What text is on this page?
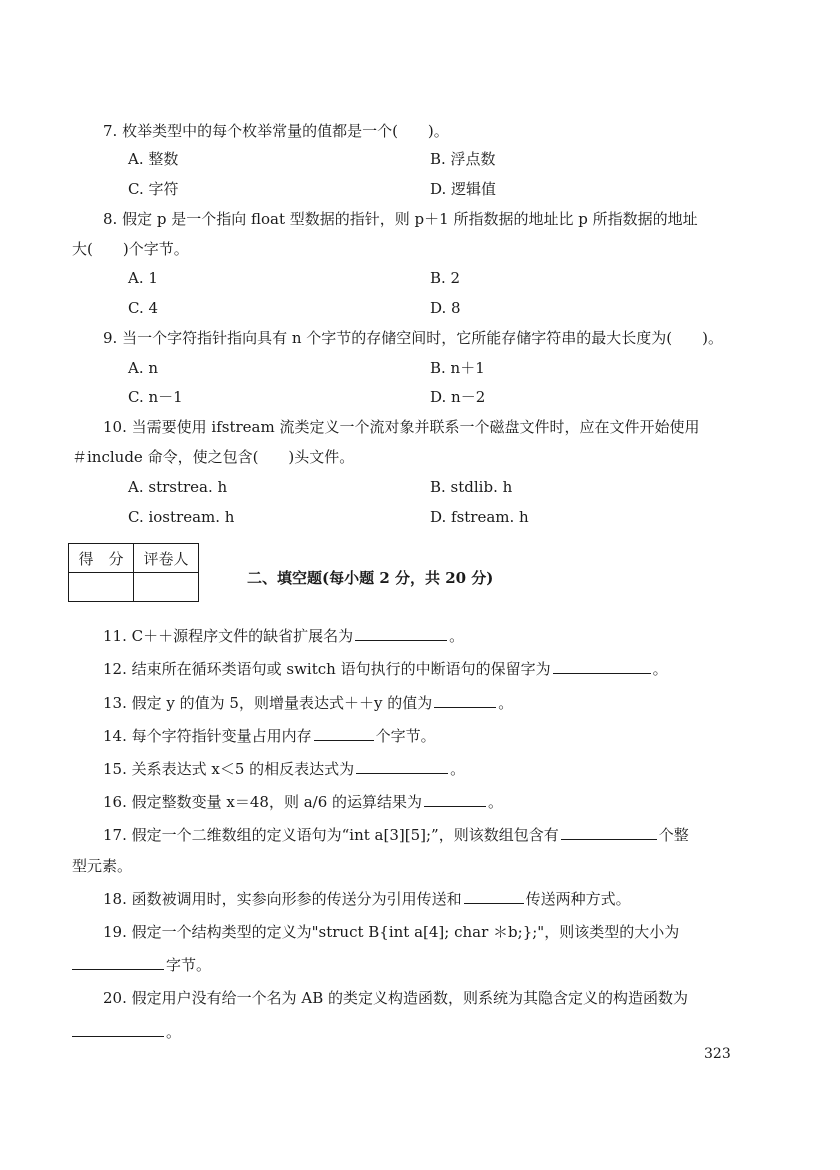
7. 枚举类型中的每个枚举常量的值都是一个(　　)。
A. 整数	B. 浮点数
C. 字符	D. 逻辑值
8. 假定 p 是一个指向 float 型数据的指针，则 p＋1 所指数据的地址比 p 所指数据的地址
大(　　)个字节。
A. 1	B. 2
C. 4	D. 8
9. 当一个字符指针指向具有 n 个字节的存储空间时，它所能存储字符串的最大长度为(　　)。
A. n	B. n＋1
C. n－1	D. n－2
10. 当需要使用 ifstream 流类定义一个流对象并联系一个磁盘文件时，应在文件开始使用
＃include 命令，使之包含(　　)头文件。
A. strstrea. h	B. stdlib. h
C. iostream. h	D. fstream. h
得　分	评卷人

二、填空题(每小题 2 分，共 20 分)
11. C＋＋源程序文件的缺省扩展名为	。
12. 结束所在循环类语句或 switch 语句执行的中断语句的保留字为	。
13. 假定 y 的值为 5，则增量表达式＋＋y 的值为	。
14. 每个字符指针变量占用内存	个字节。
15. 关系表达式 x＜5 的相反表达式为	。
16. 假定整数变量 x＝48，则 a/6 的运算结果为	。
17. 假定一个二维数组的定义语句为“int a[3][5];”，则该数组包含有	个整
型元素。
18. 函数被调用时，实参向形参的传送分为引用传送和	传送两种方式。
19. 假定一个结构类型的定义为"struct B{int a[4]; char ＊b;};"，则该类型的大小为
字节。
20. 假定用户没有给一个名为 AB 的类定义构造函数，则系统为其隐含定义的构造函数为
。
323
